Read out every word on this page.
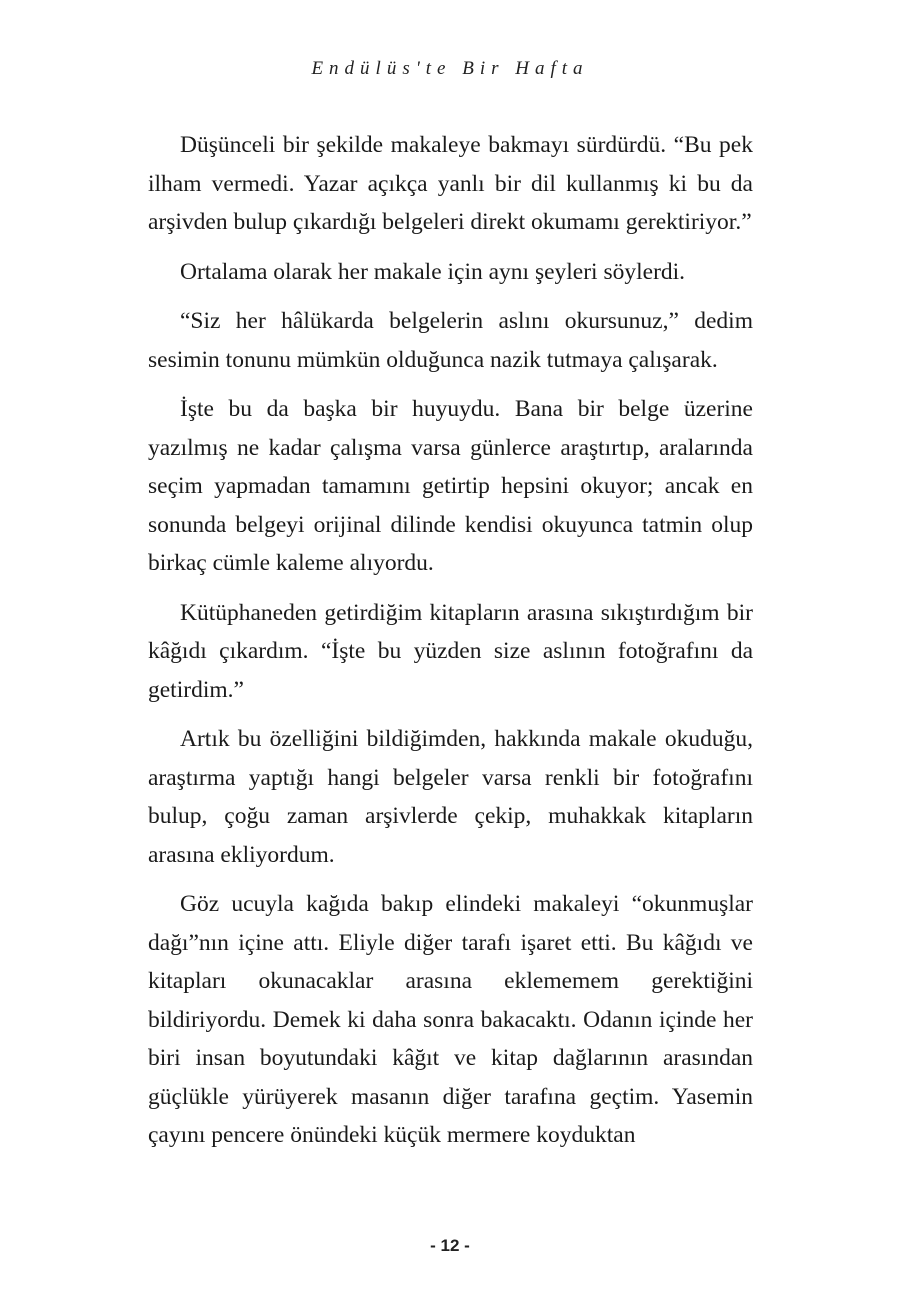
Endülüs'te Bir Hafta

Düşünceli bir şekilde makaleye bakmayı sürdürdü. “Bu pek ilham vermedi. Yazar açıkça yanlı bir dil kullanmış ki bu da arşivden bulup çıkardığı belgeleri direkt okumamı gerektiriyor.”

Ortalama olarak her makale için aynı şeyleri söylerdi.

“Siz her hâlükarda belgelerin aslını okursunuz,” dedim sesimin tonunu mümkün olduğunca nazik tutmaya çalışarak.

İşte bu da başka bir huyuydu. Bana bir belge üzerine yazılmış ne kadar çalışma varsa günlerce araştırtıp, aralarında seçim yapmadan tamamını getirtip hepsini okuyor; ancak en sonunda belgeyi orijinal dilinde kendisi okuyunca tatmin olup birkaç cümle kaleme alıyordu.

Kütüphaneden getirdiğim kitapların arasına sıkıştırdığım bir kâğıdı çıkardım. “İşte bu yüzden size aslının fotoğrafını da getirdim.”

Artık bu özelliğini bildiğimden, hakkında makale okuduğu, araştırma yaptığı hangi belgeler varsa renkli bir fotoğrafını bulup, çoğu zaman arşivlerde çekip, muhakkak kitapların arasına ekliyordum.

Göz ucuyla kağıda bakıp elindeki makaleyi “okunmuşlar dağı”nın içine attı. Eliyle diğer tarafı işaret etti. Bu kâğıdı ve kitapları okunacaklar arasına eklememem gerektiğini bildiriyordu. Demek ki daha sonra bakacaktı. Odanın içinde her biri insan boyutundaki kâğıt ve kitap dağlarının arasından güçlükle yürüyerek masanın diğer tarafına geçtim. Yasemin çayını pencere önündeki küçük mermere koyduktan

- 12 -
